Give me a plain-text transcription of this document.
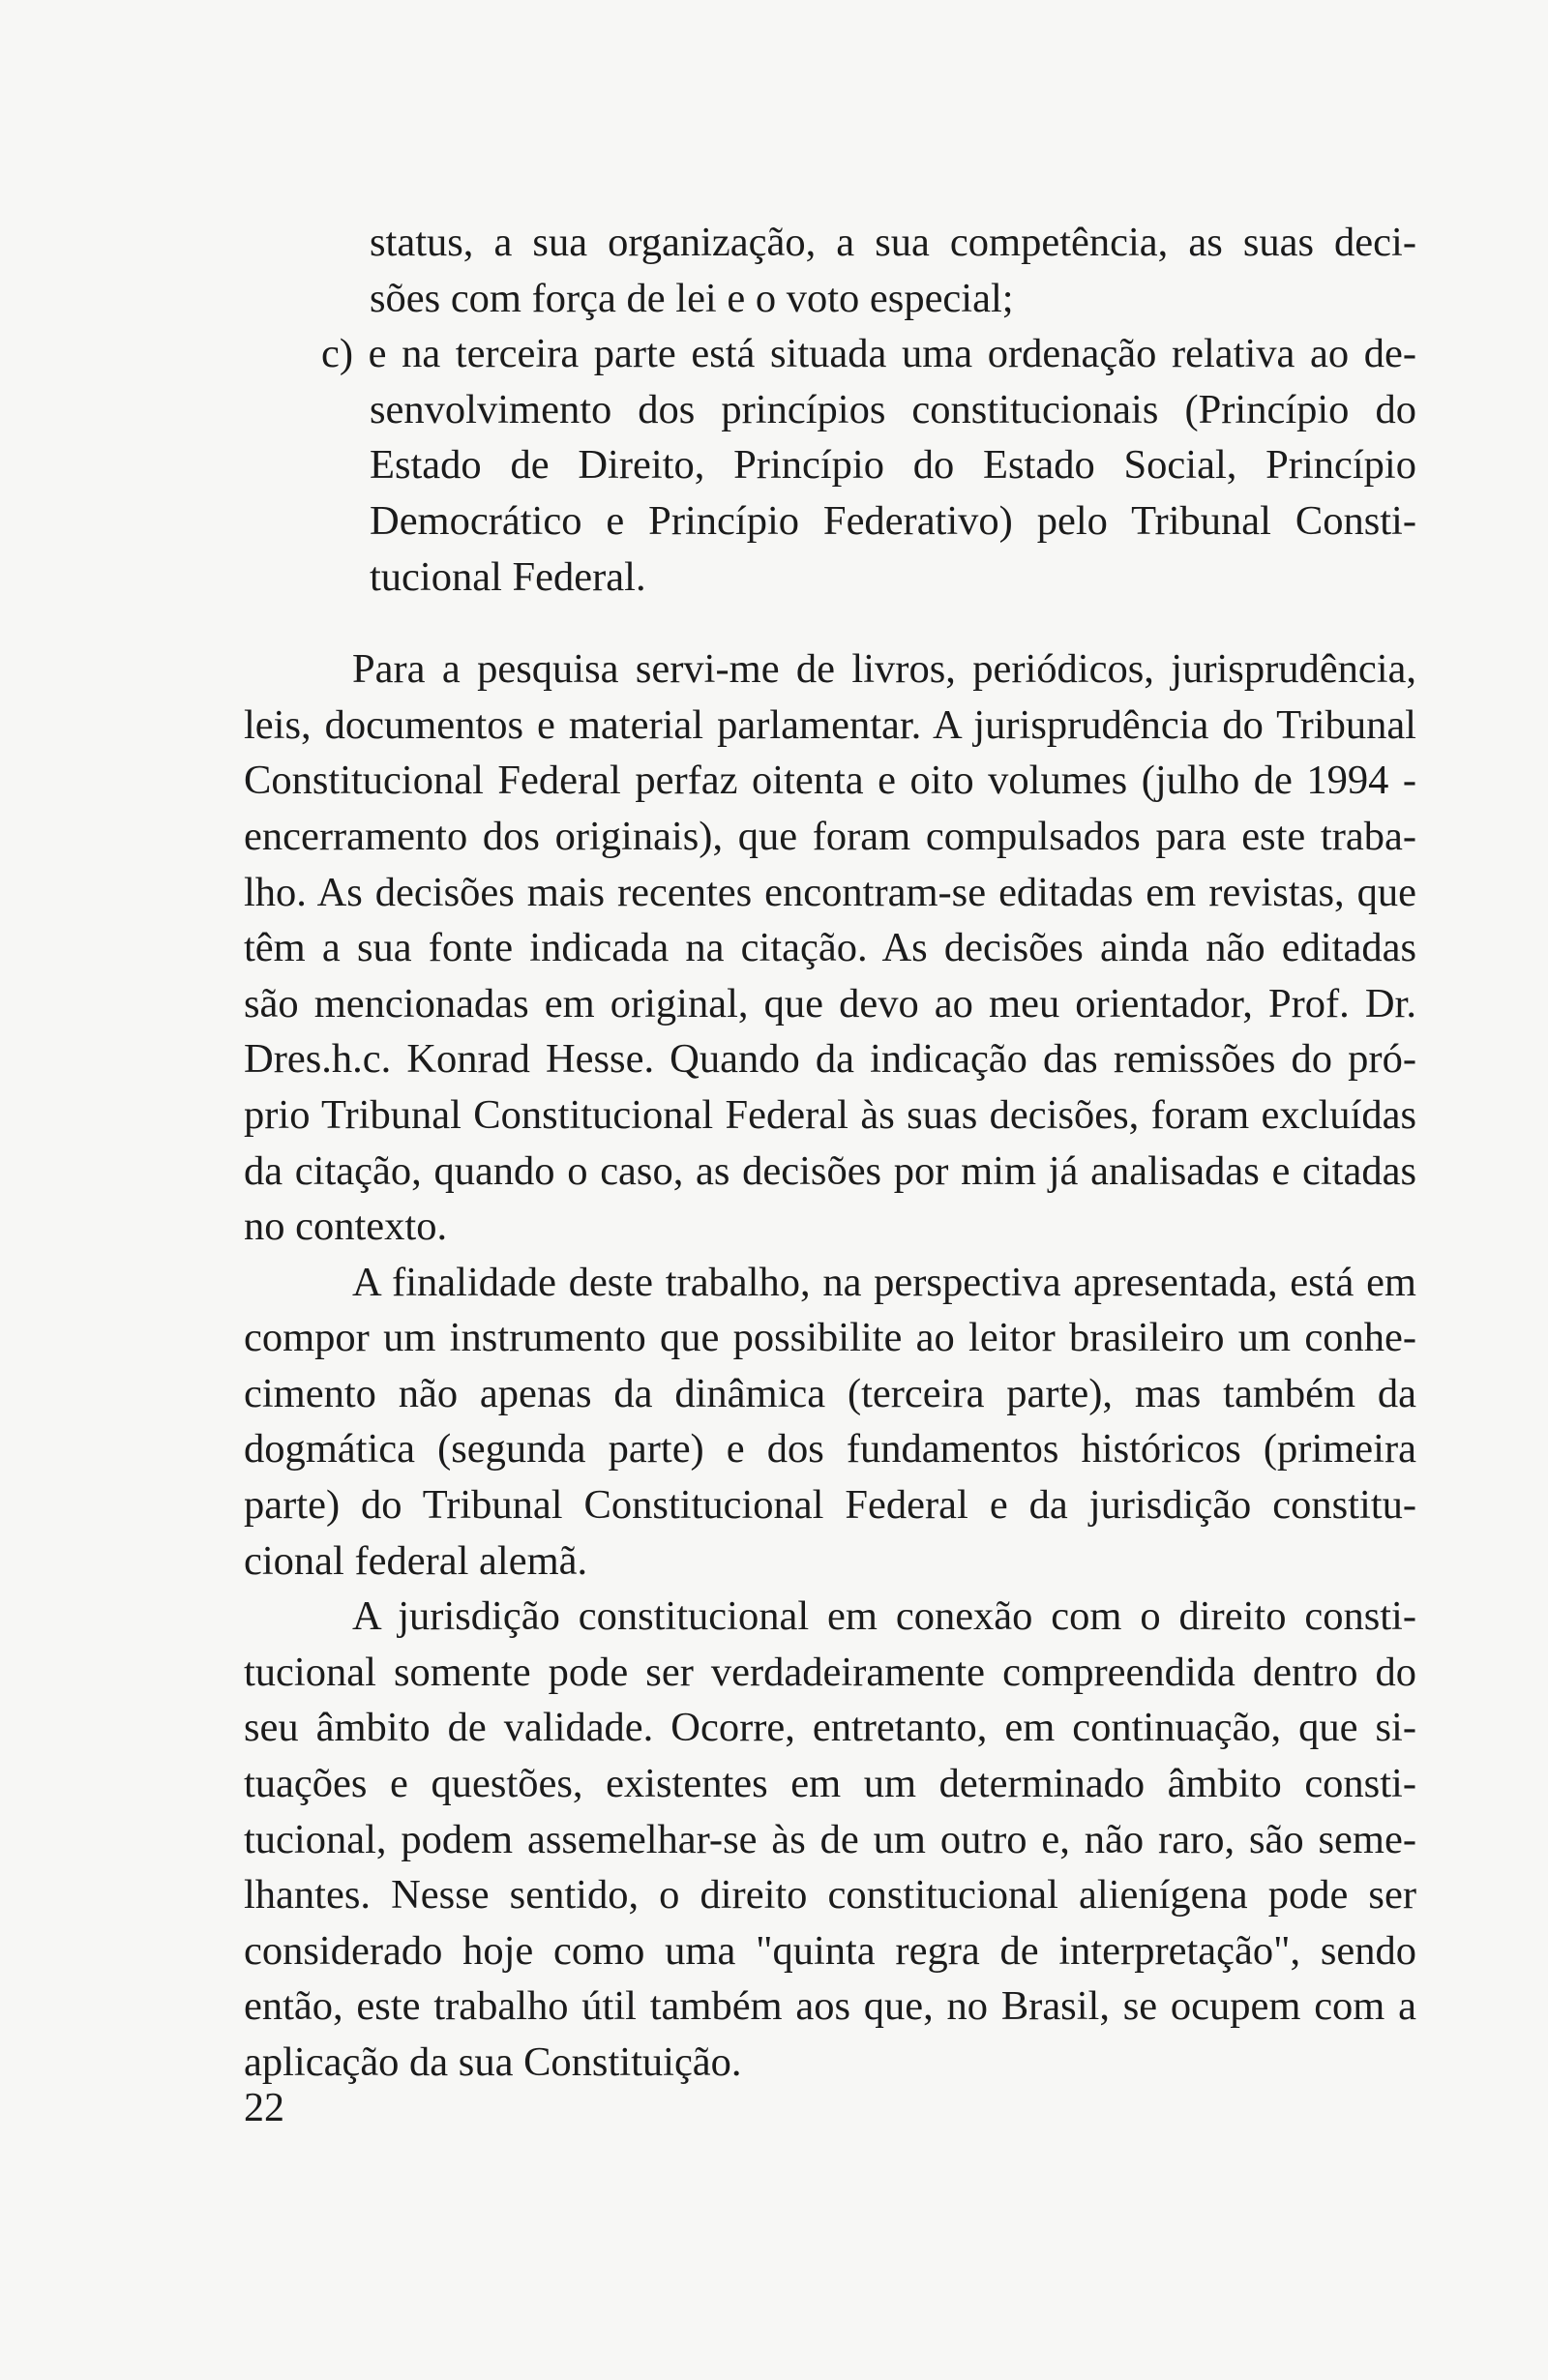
status, a sua organização, a sua competência, as suas deci-
sões com força de lei e o voto especial;
c) e na terceira parte está situada uma ordenação relativa ao de-
senvolvimento dos princípios constitucionais (Princípio do
Estado de Direito, Princípio do Estado Social, Princípio
Democrático e Princípio Federativo) pelo Tribunal Consti-
tucional Federal.
Para a pesquisa servi-me de livros, periódicos, jurisprudência,
leis, documentos e material parlamentar. A jurisprudência do Tribunal
Constitucional Federal perfaz oitenta e oito volumes (julho de 1994 -
encerramento dos originais), que foram compulsados para este traba-
lho. As decisões mais recentes encontram-se editadas em revistas, que
têm a sua fonte indicada na citação. As decisões ainda não editadas
são mencionadas em original, que devo ao meu orientador, Prof. Dr.
Dres.h.c. Konrad Hesse. Quando da indicação das remissões do pró-
prio Tribunal Constitucional Federal às suas decisões, foram excluídas
da citação, quando o caso, as decisões por mim já analisadas e citadas
no contexto.
A finalidade deste trabalho, na perspectiva apresentada, está em
compor um instrumento que possibilite ao leitor brasileiro um conhe-
cimento não apenas da dinâmica (terceira parte), mas também da
dogmática (segunda parte) e dos fundamentos históricos (primeira
parte) do Tribunal Constitucional Federal e da jurisdição constitu-
cional federal alemã.
A jurisdição constitucional em conexão com o direito consti-
tucional somente pode ser verdadeiramente compreendida dentro do
seu âmbito de validade. Ocorre, entretanto, em continuação, que si-
tuações e questões, existentes em um determinado âmbito consti-
tucional, podem assemelhar-se às de um outro e, não raro, são seme-
lhantes. Nesse sentido, o direito constitucional alienígena pode ser
considerado hoje como uma "quinta regra de interpretação", sendo
então, este trabalho útil também aos que, no Brasil, se ocupem com a
aplicação da sua Constituição.
22
